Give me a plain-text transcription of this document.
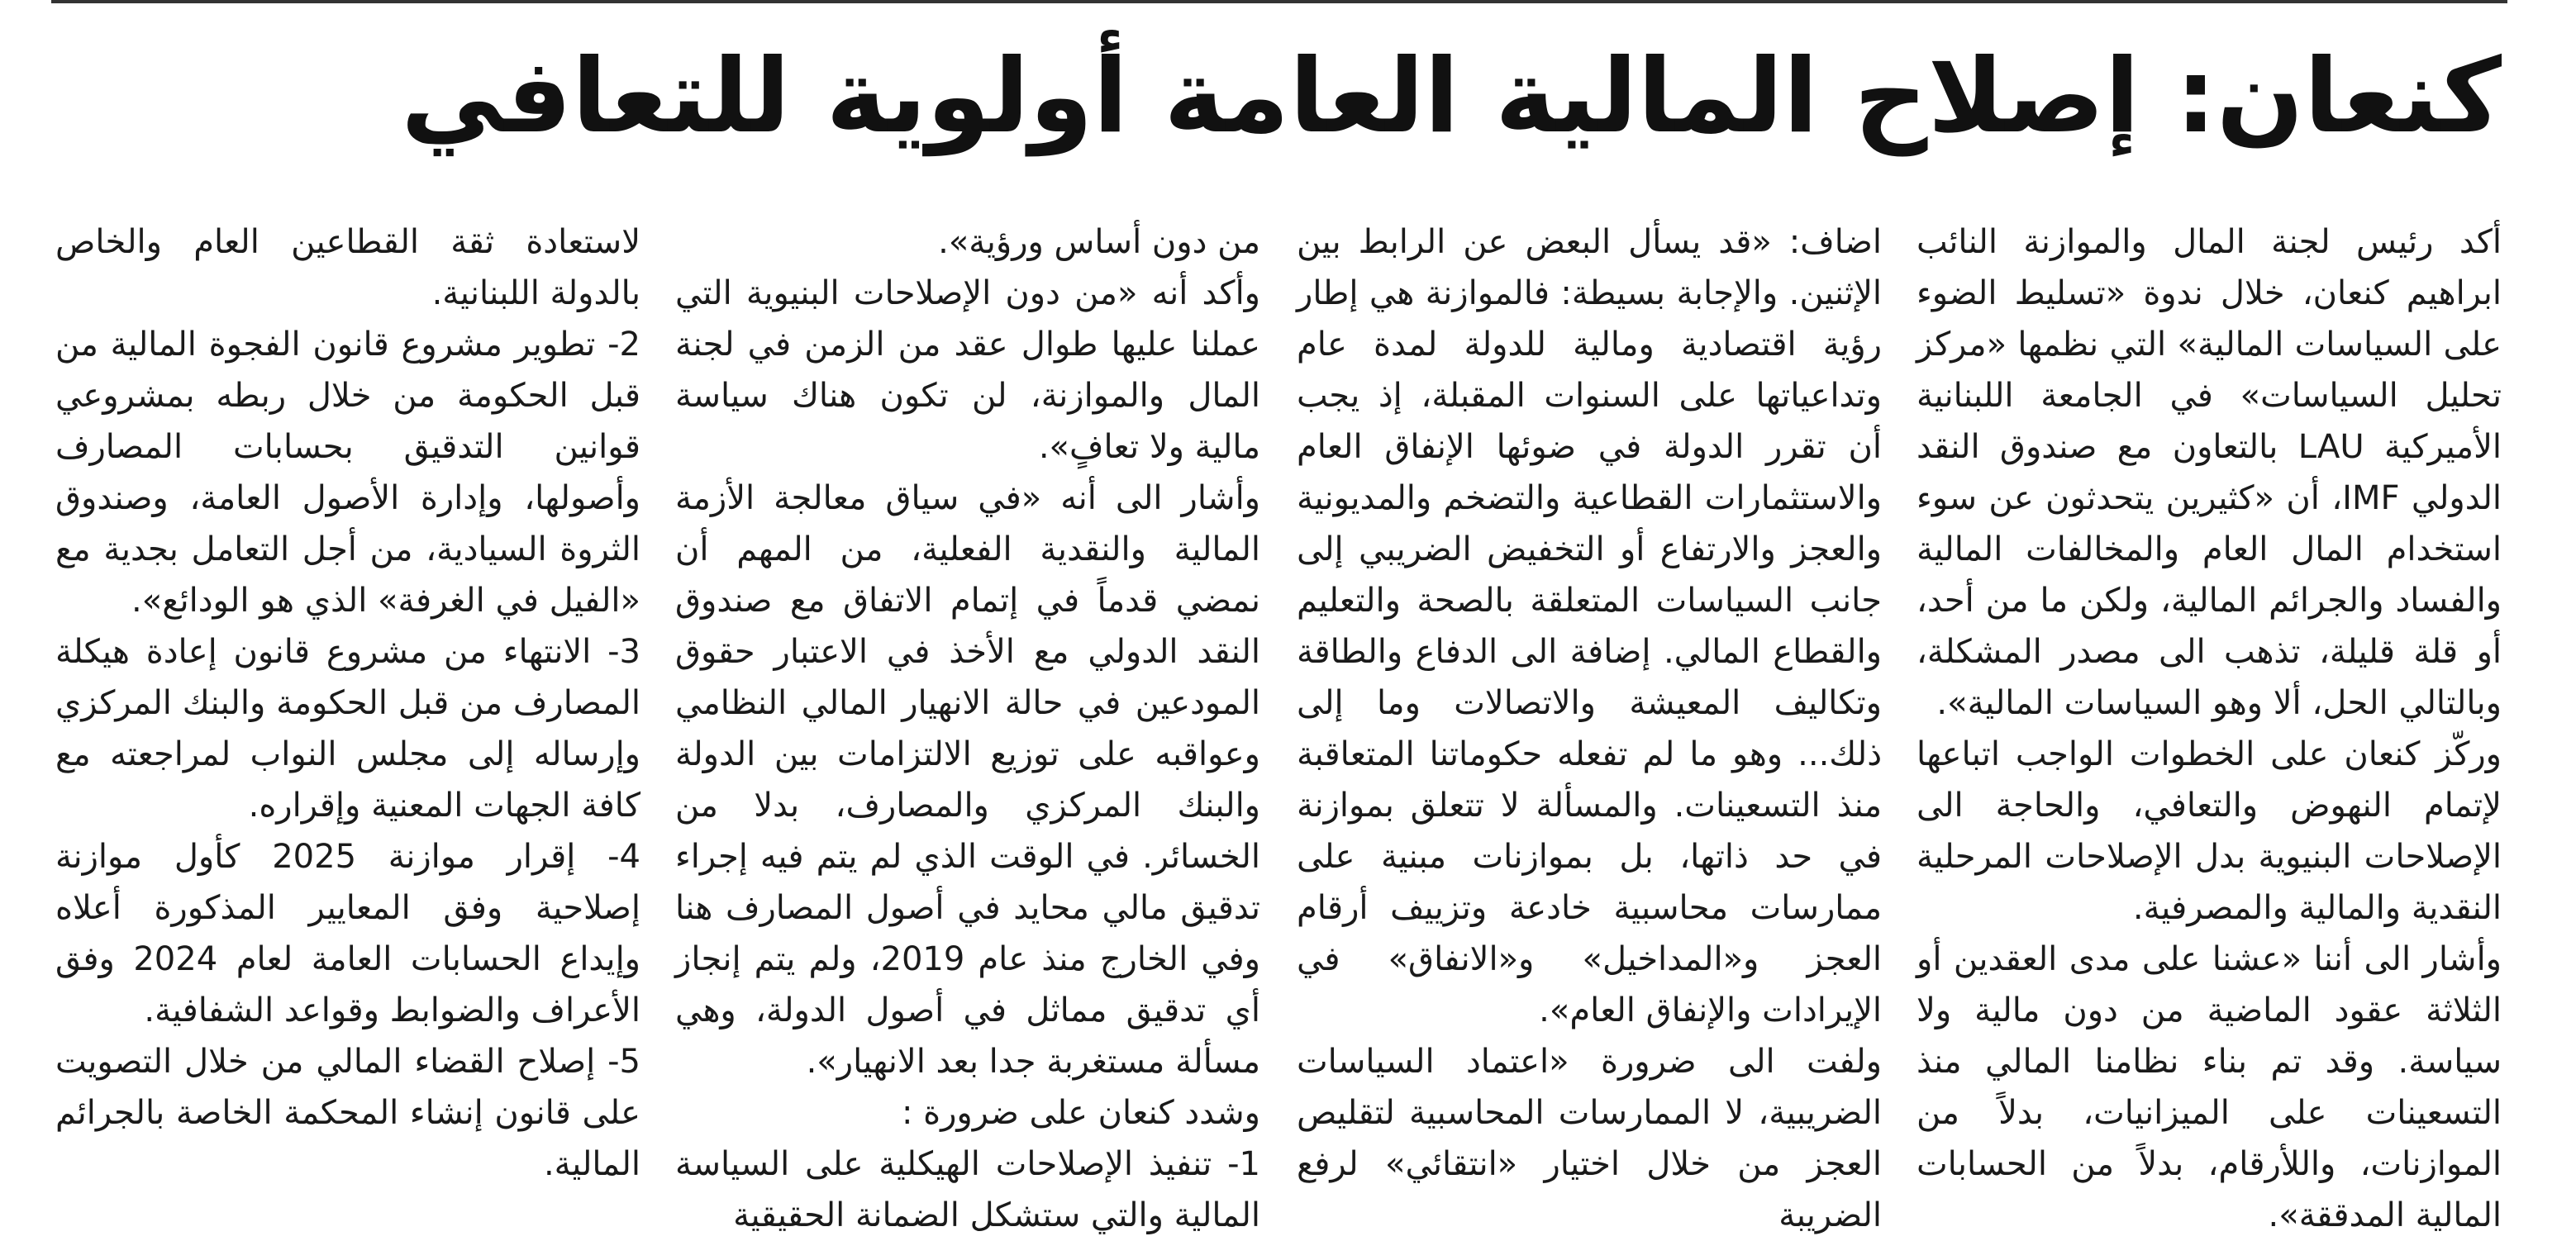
كنعان: إصلاح المالية العامة أولوية للتعافي

أكد رئيس لجنة المال والموازنة النائب ابراهيم كنعان، خلال ندوة «تسليط الضوء على السياسات المالية» التي نظمها «مركز تحليل السياسات» في الجامعة اللبنانية الأميركية LAU بالتعاون مع صندوق النقد الدولي IMF، أن «كثيرين يتحدثون عن سوء استخدام المال العام والمخالفات المالية والفساد والجرائم المالية، ولكن ما من أحد، أو قلة قليلة، تذهب الى مصدر المشكلة، وبالتالي الحل، ألا وهو السياسات المالية».

وركّز كنعان على الخطوات الواجب اتباعها لإتمام النهوض والتعافي، والحاجة الى الإصلاحات البنيوية بدل الإصلاحات المرحلية النقدية والمالية والمصرفية.

وأشار الى أننا «عشنا على مدى العقدين أو الثلاثة عقود الماضية من دون مالية ولا سياسة. وقد تم بناء نظامنا المالي منذ التسعينات على الميزانيات، بدلاً من الموازنات، واللأرقام، بدلاً من الحسابات المالية المدققة».

اضاف: «قد يسأل البعض عن الرابط بين الإثنين. والإجابة بسيطة: فالموازنة هي إطار رؤية اقتصادية ومالية للدولة لمدة عام وتداعياتها على السنوات المقبلة، إذ يجب أن تقرر الدولة في ضوئها الإنفاق العام والاستثمارات القطاعية والتضخم والمديونية والعجز والارتفاع أو التخفيض الضريبي إلى جانب السياسات المتعلقة بالصحة والتعليم والقطاع المالي. إضافة الى الدفاع والطاقة وتكاليف المعيشة والاتصالات وما إلى ذلك... وهو ما لم تفعله حكوماتنا المتعاقبة منذ التسعينات. والمسألة لا تتعلق بموازنة في حد ذاتها، بل بموازنات مبنية على ممارسات محاسبية خادعة وتزييف أرقام العجز و«المداخيل» و«الانفاق» في الإيرادات والإنفاق العام».

ولفت الى ضرورة «اعتماد السياسات الضريبية، لا الممارسات المحاسبية لتقليص العجز من خلال اختيار «انتقائي» لرفع الضريبة

من دون أساس ورؤية».

وأكد أنه «من دون الإصلاحات البنيوية التي عملنا عليها طوال عقد من الزمن في لجنة المال والموازنة، لن تكون هناك سياسة مالية ولا تعافٍ».

وأشار الى أنه «في سياق معالجة الأزمة المالية والنقدية الفعلية، من المهم أن نمضي قدماً في إتمام الاتفاق مع صندوق النقد الدولي مع الأخذ في الاعتبار حقوق المودعين في حالة الانهيار المالي النظامي وعواقبه على توزيع الالتزامات بين الدولة والبنك المركزي والمصارف، بدلا من الخسائر. في الوقت الذي لم يتم فيه إجراء تدقيق مالي محايد في أصول المصارف هنا وفي الخارج منذ عام 2019، ولم يتم إنجاز أي تدقيق مماثل في أصول الدولة، وهي مسألة مستغربة جدا بعد الانهيار».

وشدد كنعان على ضرورة :

1- تنفيذ الإصلاحات الهيكلية على السياسة المالية والتي ستشكل الضمانة الحقيقية

لاستعادة ثقة القطاعين العام والخاص بالدولة اللبنانية.

2- تطوير مشروع قانون الفجوة المالية من قبل الحكومة من خلال ربطه بمشروعي قوانين التدقيق بحسابات المصارف وأصولها، وإدارة الأصول العامة، وصندوق الثروة السيادية، من أجل التعامل بجدية مع «الفيل في الغرفة» الذي هو الودائع».

3- الانتهاء من مشروع قانون إعادة هيكلة المصارف من قبل الحكومة والبنك المركزي وإرساله إلى مجلس النواب لمراجعته مع كافة الجهات المعنية وإقراره.

4- إقرار موازنة 2025 كأول موازنة إصلاحية وفق المعايير المذكورة أعلاه وإيداع الحسابات العامة لعام 2024 وفق الأعراف والضوابط وقواعد الشفافية.

5- إصلاح القضاء المالي من خلال التصويت على قانون إنشاء المحكمة الخاصة بالجرائم المالية.
